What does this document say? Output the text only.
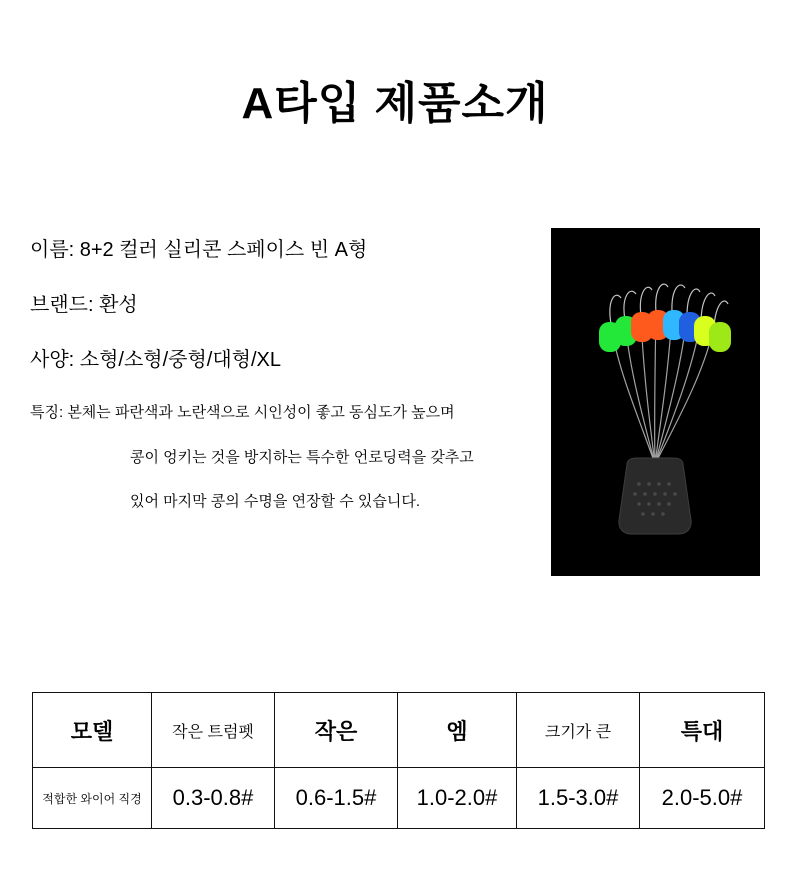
A타입 제품소개
이름: 8+2 컬러 실리콘 스페이스 빈 A형
브랜드: 환성
사양: 소형/소형/중형/대형/XL
특징: 본체는 파란색과 노란색으로 시인성이 좋고 동심도가 높으며
콩이 엉키는 것을 방지하는 특수한 언로딩력을 갖추고
있어 마지막 콩의 수명을 연장할 수 있습니다.
모델	작은 트럼펫	작은	엠	크기가 큰	특대
적합한 와이어 직경	0.3-0.8#	0.6-1.5#	1.0-2.0#	1.5-3.0#	2.0-5.0#
